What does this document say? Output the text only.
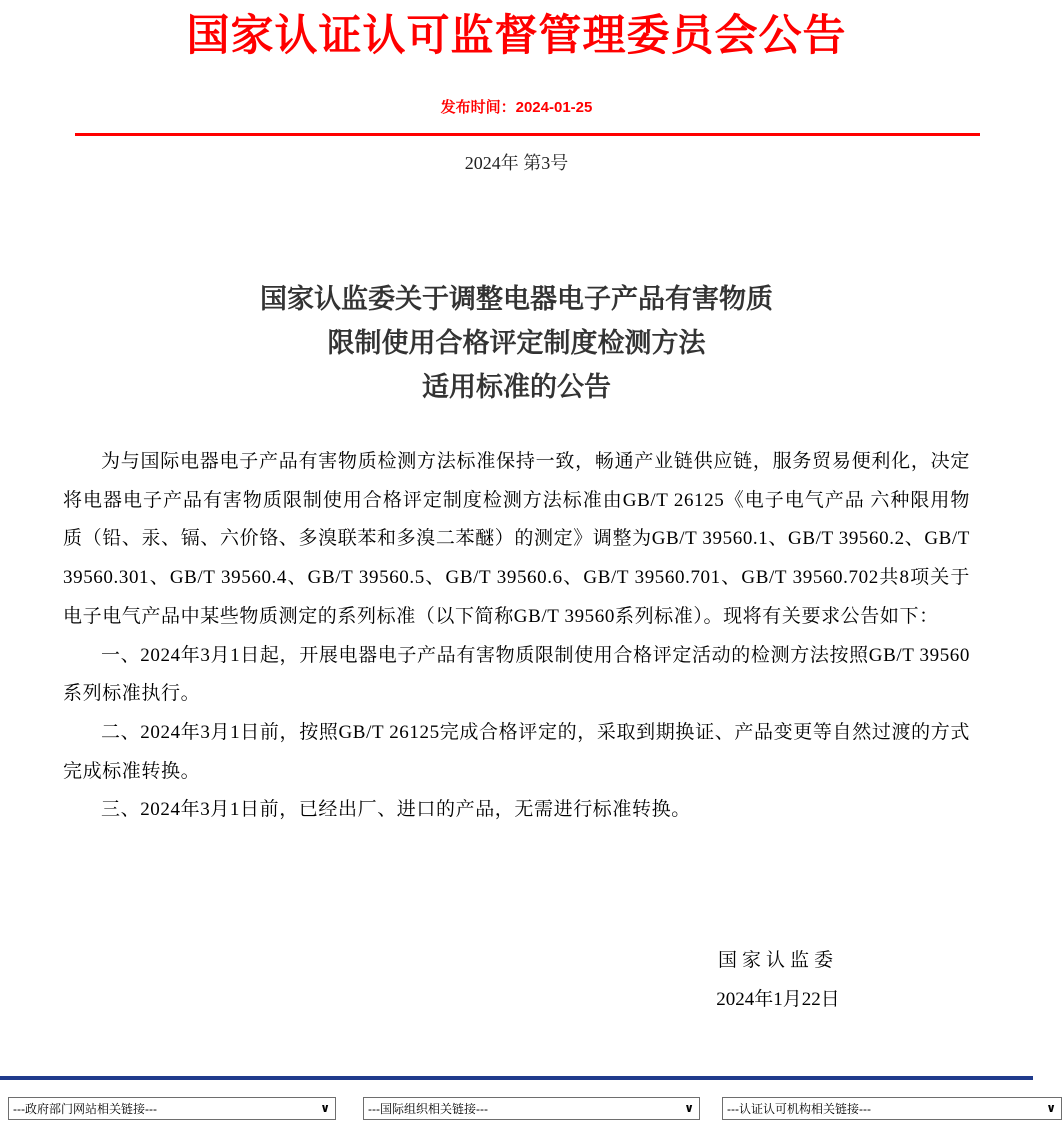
国家认证认可监督管理委员会公告
发布时间：2024-01-25
2024年 第3号
国家认监委关于调整电器电子产品有害物质
限制使用合格评定制度检测方法
适用标准的公告

为与国际电器电子产品有害物质检测方法标准保持一致，畅通产业链供应链，服务贸易便利化，决定将电器电子产品有害物质限制使用合格评定制度检测方法标准由GB/T 26125《电子电气产品 六种限用物质（铅、汞、镉、六价铬、多溴联苯和多溴二苯醚）的测定》调整为GB/T 39560.1、GB/T 39560.2、GB/T 39560.301、GB/T 39560.4、GB/T 39560.5、GB/T 39560.6、GB/T 39560.701、GB/T 39560.702共8项关于电子电气产品中某些物质测定的系列标准（以下简称GB/T 39560系列标准）。现将有关要求公告如下：

一、2024年3月1日起，开展电器电子产品有害物质限制使用合格评定活动的检测方法按照GB/T 39560系列标准执行。

二、2024年3月1日前，按照GB/T 26125完成合格评定的，采取到期换证、产品变更等自然过渡的方式完成标准转换。

三、2024年3月1日前，已经出厂、进口的产品，无需进行标准转换。

国家认监委
2024年1月22日
---政府部门网站相关链接---
∨
---国际组织相关链接---	∨
---认证认可机构相关链接---	∨
